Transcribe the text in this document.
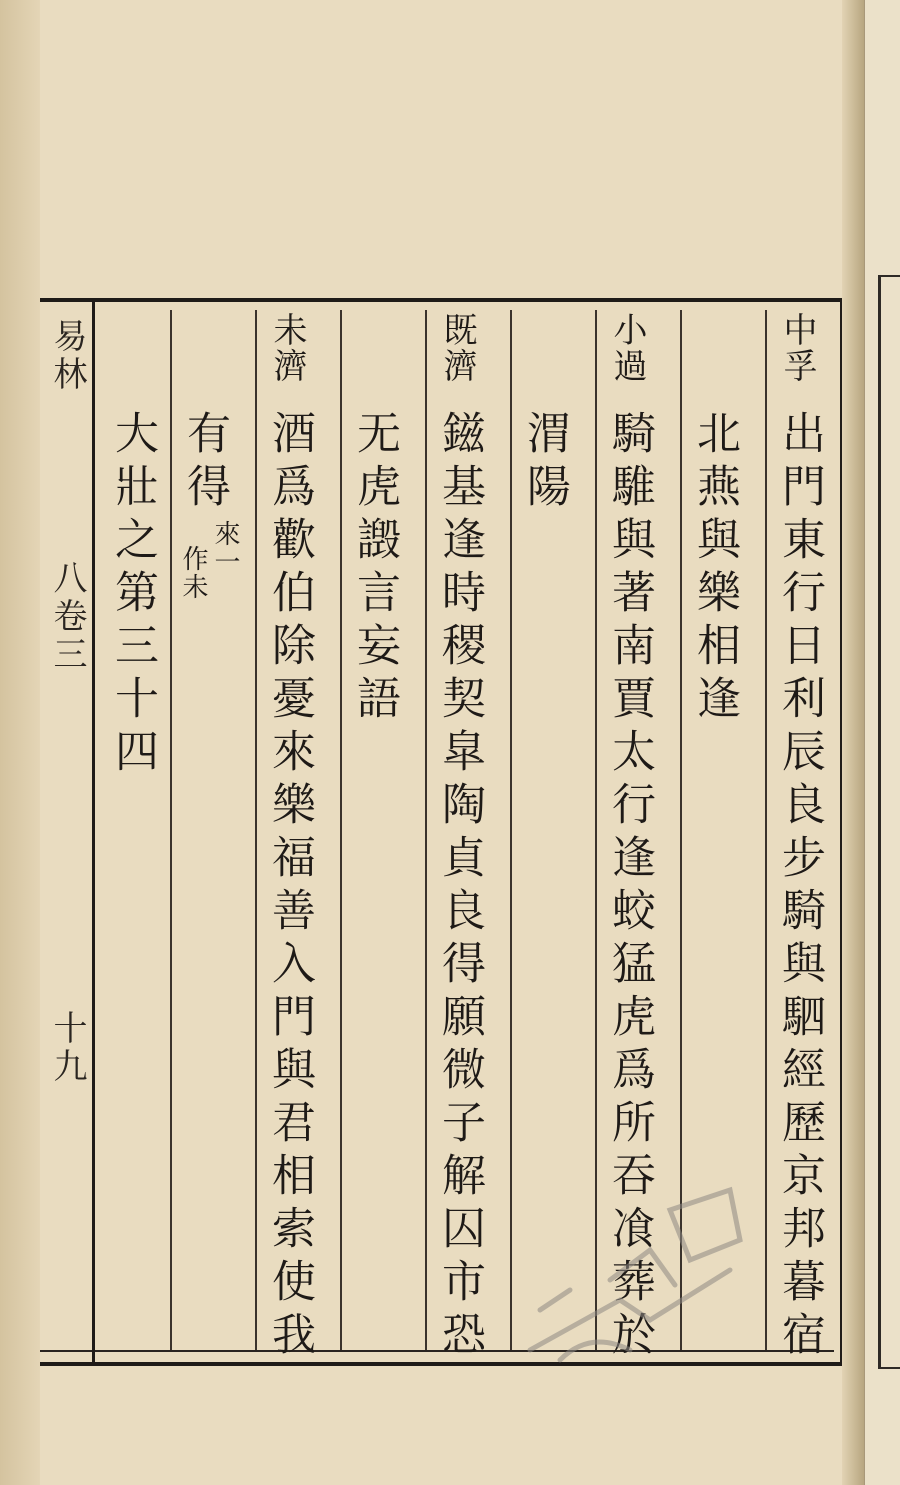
易林
八卷三
十九
中孚
出門東行日利辰良步騎與駟經歷京邦暮宿
北燕與樂相逢
小過
騎騅與著南賈太行逢蛟猛虎爲所吞飡葬於
渭陽
既濟
鎡基逢時稷契皐陶貞良得願微子解囚市恐
无虎譭言妄語
未濟
酒爲歡伯除憂來樂福善入門與君相索使我
有得
來一
作未
大壯之第三十四
